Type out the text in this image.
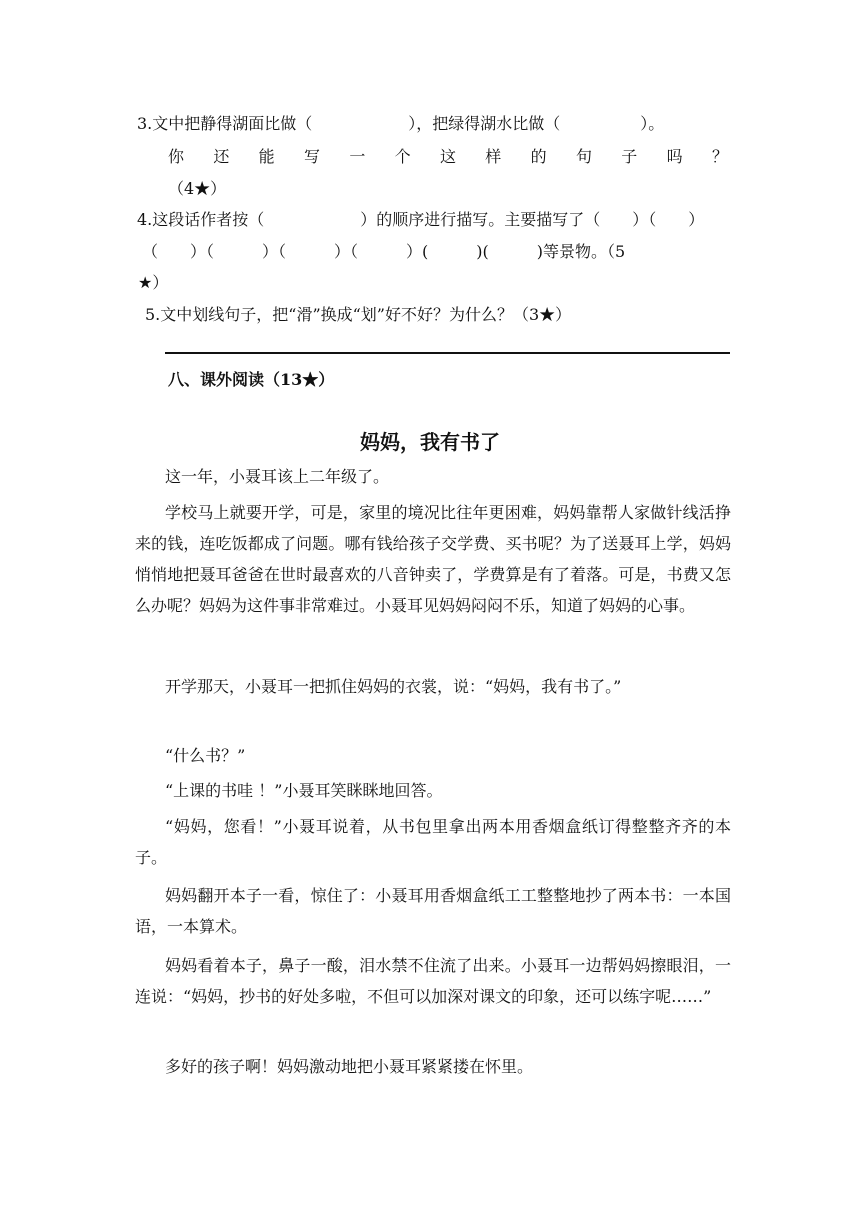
3.文中把静得湖面比做（　　　　　　），把绿得湖水比做（　　　　　）。
你 还 能 写 一 个 这 样 的 句 子 吗 ？
（4★）
4.这段话作者按（　　　　　　）的顺序进行描写。主要描写了（　　）（　　）
（　　）（　　　）（　　　）（　　　）(　　　)(　　　)等景物。（5
★）
5.文中划线句子，把“滑”换成“划”好不好？为什么？（3★）
八、课外阅读（13★）
妈妈，我有书了
这一年，小聂耳该上二年级了。
学校马上就要开学，可是，家里的境况比往年更困难，妈妈靠帮人家做针线活挣来的钱，连吃饭都成了问题。哪有钱给孩子交学费、买书呢？为了送聂耳上学，妈妈悄悄地把聂耳爸爸在世时最喜欢的八音钟卖了，学费算是有了着落。可是，书费又怎么办呢？妈妈为这件事非常难过。小聂耳见妈妈闷闷不乐，知道了妈妈的心事。
开学那天，小聂耳一把抓住妈妈的衣裳，说：“妈妈，我有书了。”
“什么书？”
“上课的书哇 ！”小聂耳笑眯眯地回答。
“妈妈，您看！”小聂耳说着，从书包里拿出两本用香烟盒纸订得整整齐齐的本子。
妈妈翻开本子一看，惊住了：小聂耳用香烟盒纸工工整整地抄了两本书：一本国语，一本算术。
妈妈看着本子，鼻子一酸，泪水禁不住流了出来。小聂耳一边帮妈妈擦眼泪，一连说：“妈妈，抄书的好处多啦，不但可以加深对课文的印象，还可以练字呢……”
多好的孩子啊！妈妈激动地把小聂耳紧紧搂在怀里。
